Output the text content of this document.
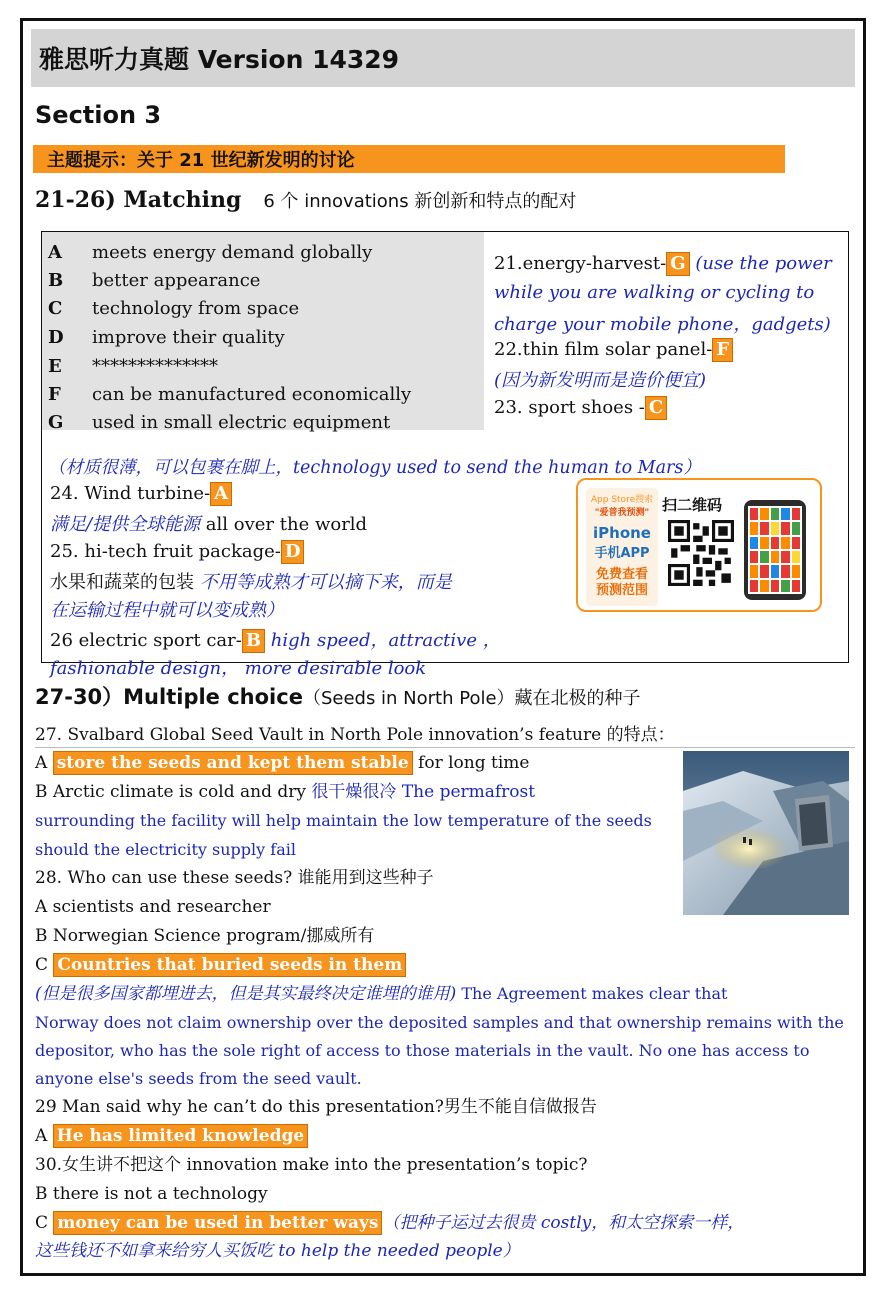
雅思听力真题 Version 14329
Section 3
主题提示：关于 21 世纪新发明的讨论
21-26) Matching 6 个 innovations 新创新和特点的配对
A	meets energy demand globally
B	better appearance
C	technology from space
D	improve their quality
E	**************
F	can be manufactured economically
G	used in small electric equipment
21.energy-harvest- G (use the power
while you are walking or cycling to
charge your mobile phone，gadgets)
22.thin film solar panel- F
(因为新发明而是造价便宜)
23. sport shoes - C
（材质很薄，可以包裹在脚上，technology used to send the human to Mars）
24. Wind turbine- A
满足/提供全球能源 all over the world
25. hi-tech fruit package- D
水果和蔬菜的包装 不用等成熟才可以摘下来，而是
在运输过程中就可以变成熟）
26 electric sport car- B high speed，attractive ，
fashionable design， more desirable look
App Store搜索
"爱普我预测"
iPhone
手机APP
免费查看
预测范围
扫二维码
27-30）Multiple choice（Seeds in North Pole）藏在北极的种子
27. Svalbard Global Seed Vault in North Pole innovation’s feature 的特点：
A store the seeds and kept them stable for long time
B Arctic climate is cold and dry 很干燥很冷 The permafrost
surrounding the facility will help maintain the low temperature of the seeds
should the electricity supply fail
28. Who can use these seeds? 谁能用到这些种子
A scientists and researcher
B Norwegian Science program/挪威所有
C Countries that buried seeds in them
(但是很多国家都埋进去，但是其实最终决定谁埋的谁用) The Agreement makes clear that
Norway does not claim ownership over the deposited samples and that ownership remains with the
depositor, who has the sole right of access to those materials in the vault. No one has access to
anyone else's seeds from the seed vault.
29 Man said why he can’t do this presentation?男生不能自信做报告
A He has limited knowledge
30.女生讲不把这个 innovation make into the presentation’s topic?
B there is not a technology
C money can be used in better ways （把种子运过去很贵 costly，和太空探索一样，
这些钱还不如拿来给穷人买饭吃 to help the needed people）
